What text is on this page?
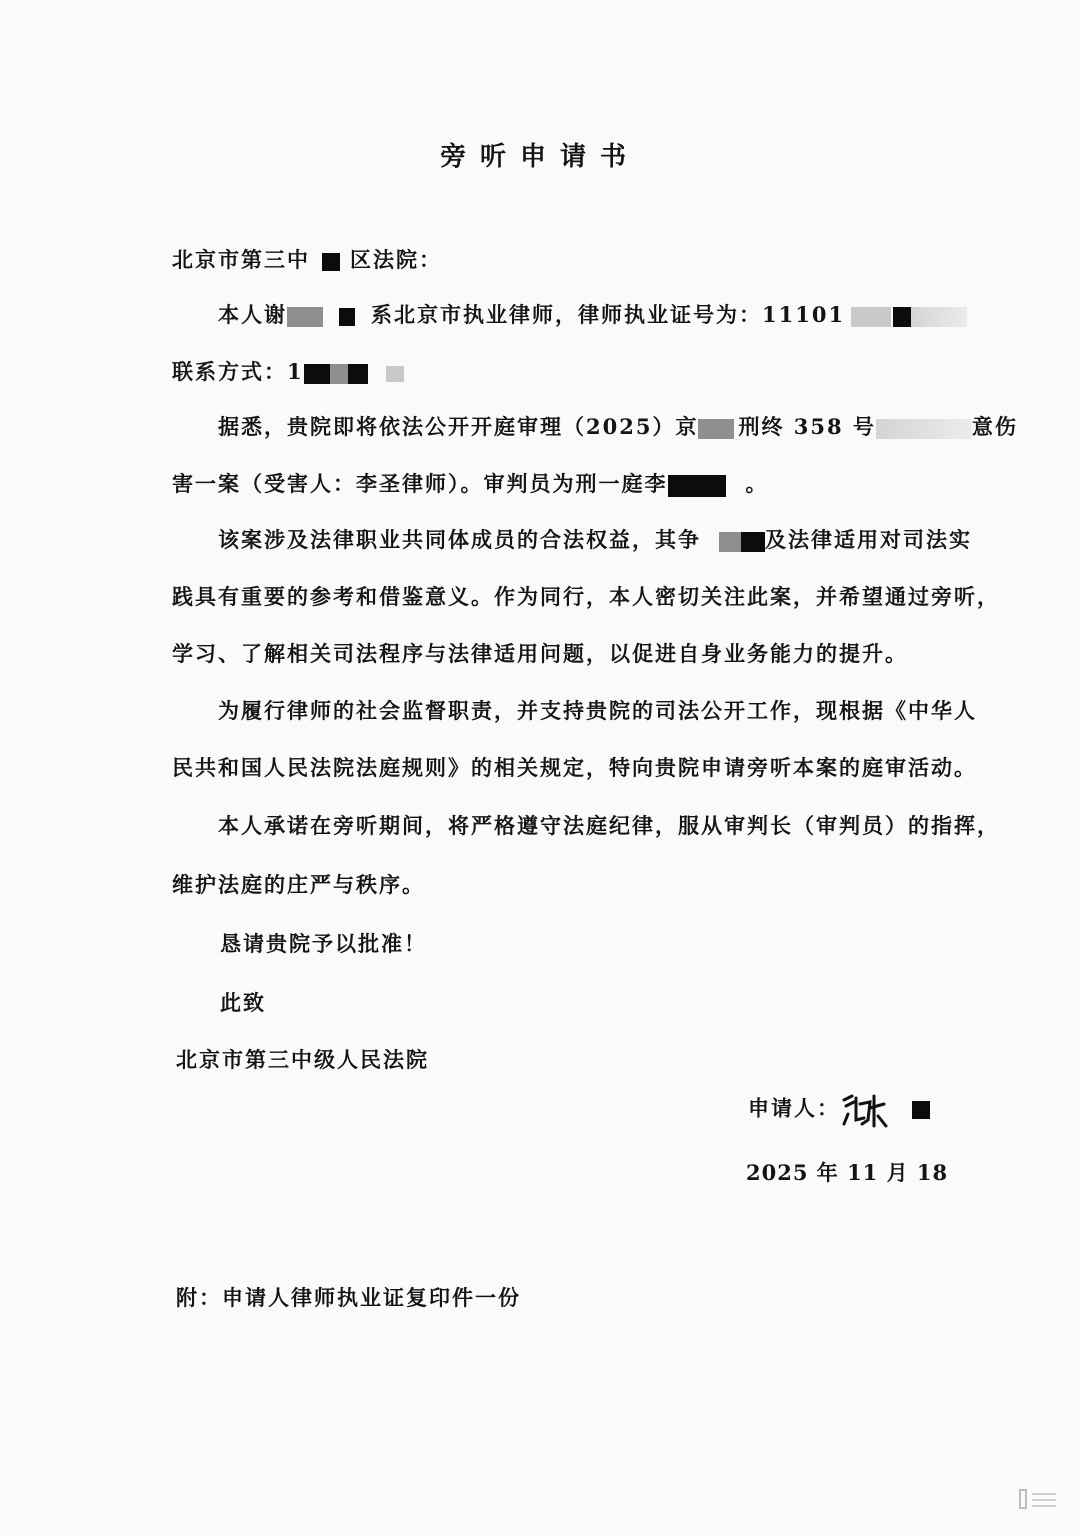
旁听申请书
北京市第三中 区法院：
本人谢	系北京市执业律师，律师执业证号为：11101
联系方式：1
据悉，贵院即将依法公开开庭审理（2025）京 刑终 358 号	意伤
害一案（受害人：李圣律师）。审判员为刑一庭李	。
该案涉及法律职业共同体成员的合法权益，其争	及法律适用对司法实
践具有重要的参考和借鉴意义。作为同行，本人密切关注此案，并希望通过旁听，
学习、了解相关司法程序与法律适用问题，以促进自身业务能力的提升。
为履行律师的社会监督职责，并支持贵院的司法公开工作，现根据《中华人
民共和国人民法院法庭规则》的相关规定，特向贵院申请旁听本案的庭审活动。
本人承诺在旁听期间，将严格遵守法庭纪律，服从审判长（审判员）的指挥，
维护法庭的庄严与秩序。
恳请贵院予以批准！
此致
北京市第三中级人民法院
申请人：
2025 年 11 月 18
附：申请人律师执业证复印件一份
